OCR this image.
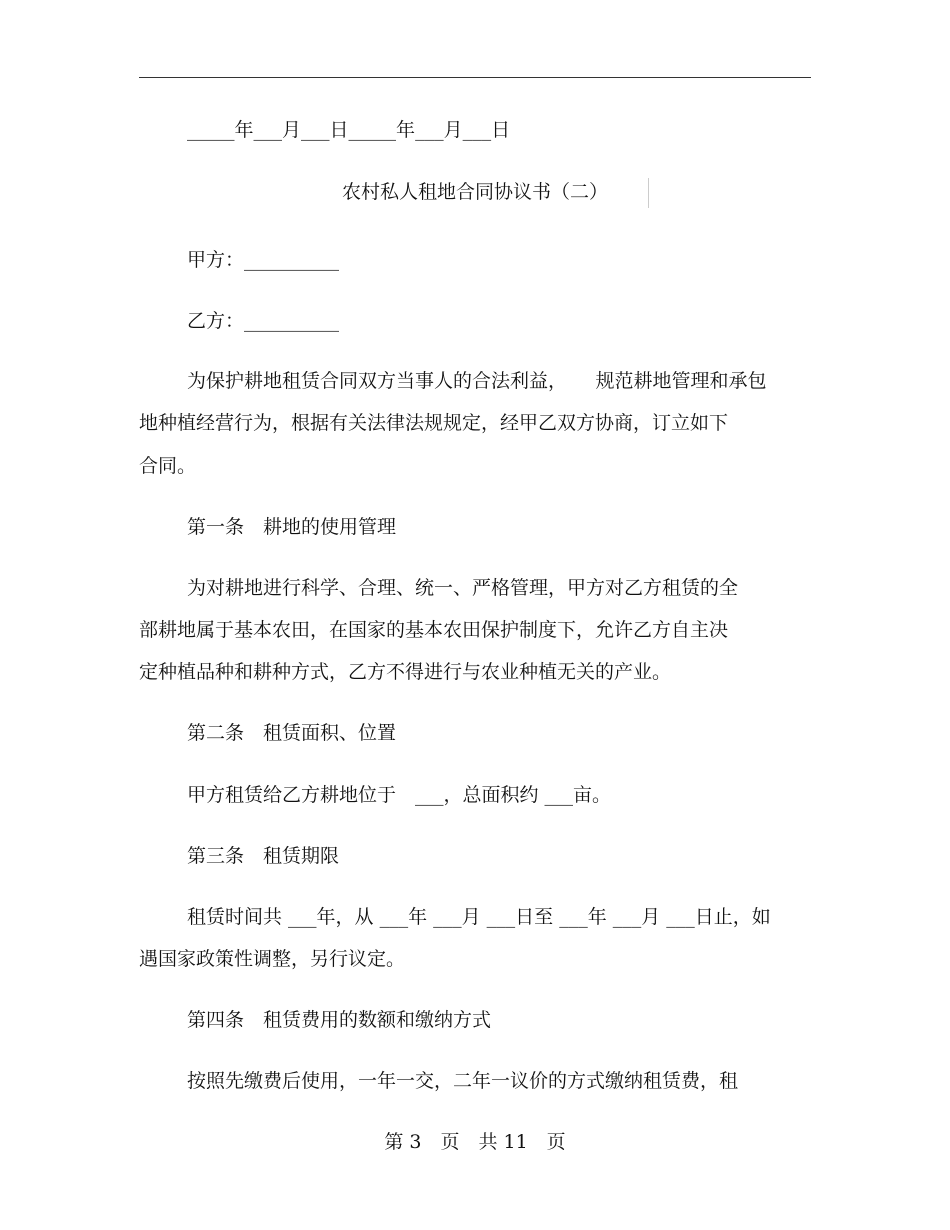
_____年___月___日_____年___月___日
农村私人租地合同协议书（二）
甲方：__________
乙方：__________
为保护耕地租赁合同双方当事人的合法利益，　　规范耕地管理和承包
地种植经营行为，根据有关法律法规规定，经甲乙双方协商，订立如下
合同。
第一条　耕地的使用管理
为对耕地进行科学、合理、统一、严格管理，甲方对乙方租赁的全
部耕地属于基本农田，在国家的基本农田保护制度下，允许乙方自主决
定种植品种和耕种方式，乙方不得进行与农业种植无关的产业。
第二条　租赁面积、位置
甲方租赁给乙方耕地位于　___，总面积约 ___亩。
第三条　租赁期限
租赁时间共 ___年，从 ___年 ___月 ___日至 ___年 ___月 ___日止，如
遇国家政策性调整，另行议定。
第四条　租赁费用的数额和缴纳方式
按照先缴费后使用，一年一交，二年一议价的方式缴纳租赁费，租
第 3　页　共 11　页
